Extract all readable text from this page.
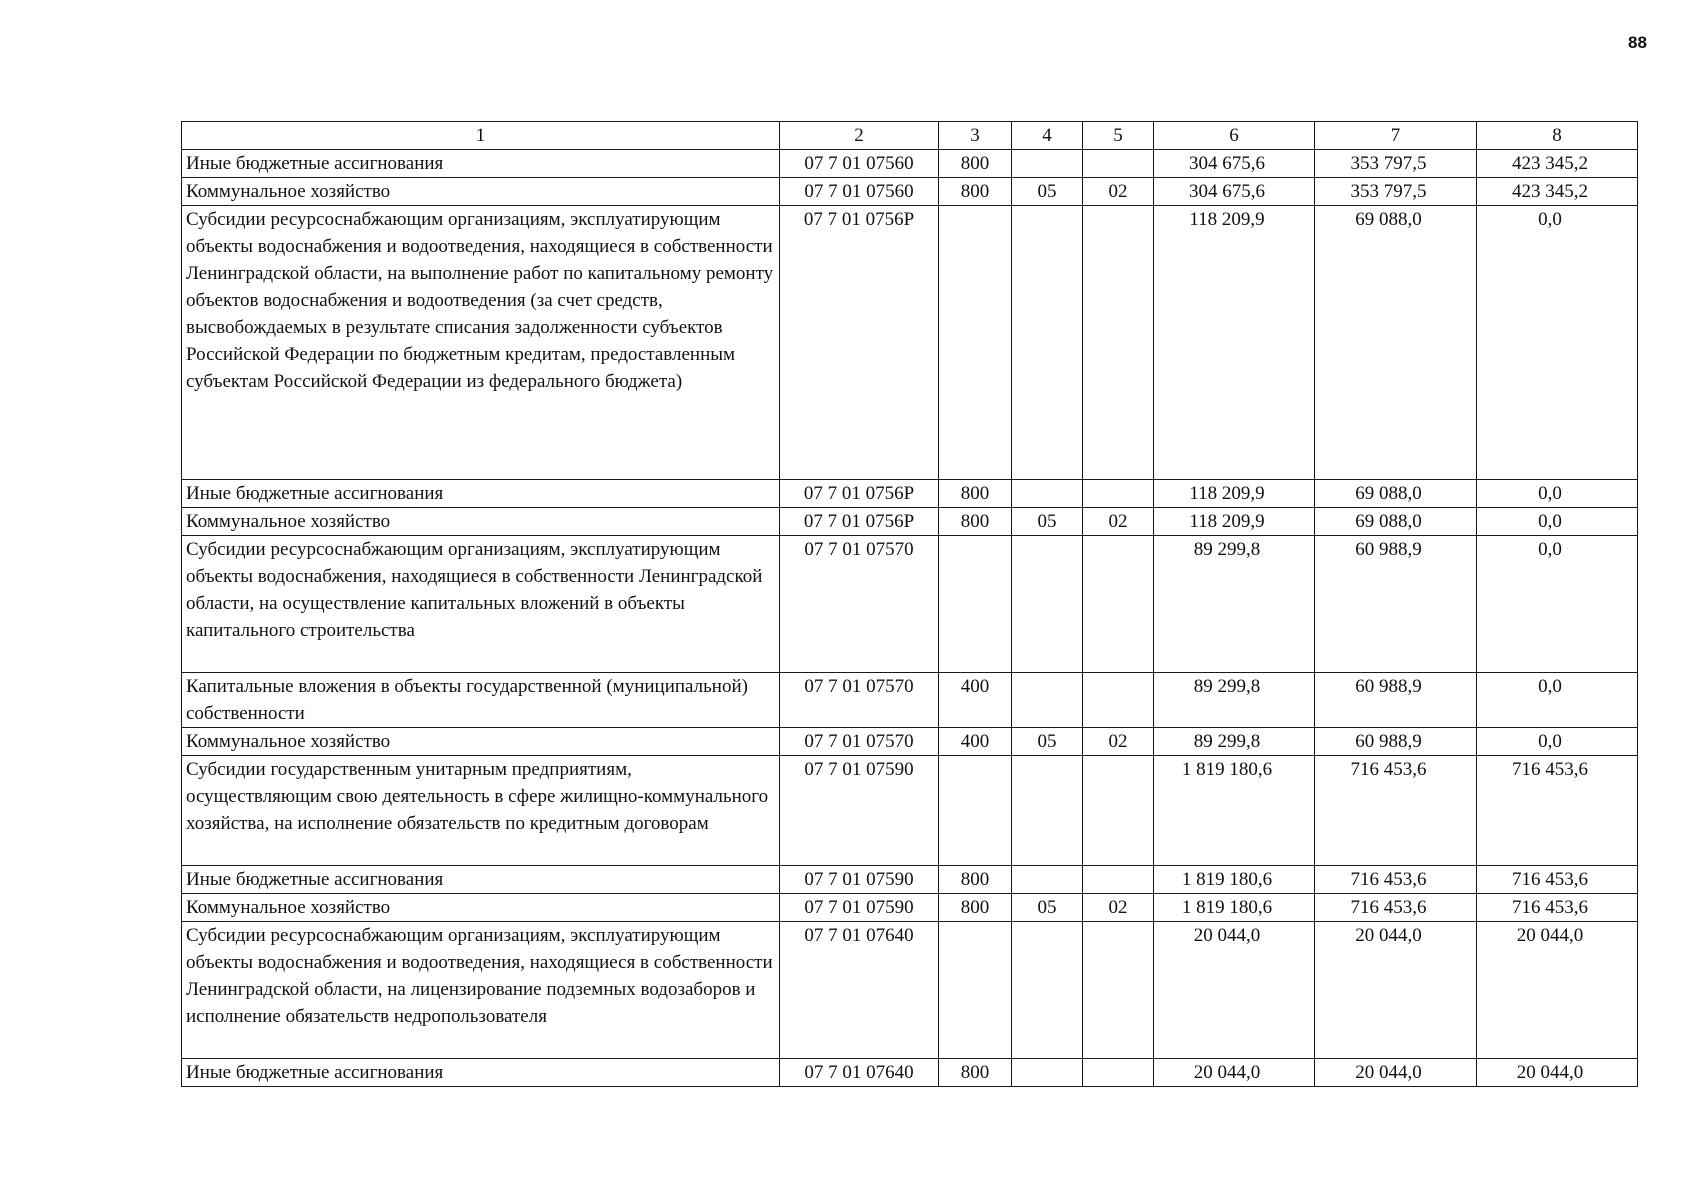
88
1	2	3	4	5	6	7	8
Иные бюджетные ассигнования	07 7 01 07560	800			304 675,6	353 797,5	423 345,2
Коммунальное хозяйство	07 7 01 07560	800	05	02	304 675,6	353 797,5	423 345,2
Субсидии ресурсоснабжающим организациям, эксплуатирующим объекты водоснабжения и водоотведения, находящиеся в собственности Ленинградской области, на выполнение работ по капитальному ремонту объектов водоснабжения и водоотведения (за счет средств, высвобождаемых в результате списания задолженности субъектов Российской Федерации по бюджетным кредитам, предоставленным субъектам Российской Федерации из федерального бюджета)	07 7 01 0756Р				118 209,9	69 088,0	0,0
Иные бюджетные ассигнования	07 7 01 0756Р	800			118 209,9	69 088,0	0,0
Коммунальное хозяйство	07 7 01 0756Р	800	05	02	118 209,9	69 088,0	0,0
Субсидии ресурсоснабжающим организациям, эксплуатирующим объекты водоснабжения, находящиеся в собственности Ленинградской области, на осуществление капитальных вложений в объекты капитального строительства	07 7 01 07570				89 299,8	60 988,9	0,0
Капитальные вложения в объекты государственной (муниципальной) собственности	07 7 01 07570	400			89 299,8	60 988,9	0,0
Коммунальное хозяйство	07 7 01 07570	400	05	02	89 299,8	60 988,9	0,0
Субсидии государственным унитарным предприятиям, осуществляющим свою деятельность в сфере жилищно-коммунального хозяйства, на исполнение обязательств по кредитным договорам	07 7 01 07590				1 819 180,6	716 453,6	716 453,6
Иные бюджетные ассигнования	07 7 01 07590	800			1 819 180,6	716 453,6	716 453,6
Коммунальное хозяйство	07 7 01 07590	800	05	02	1 819 180,6	716 453,6	716 453,6
Субсидии ресурсоснабжающим организациям, эксплуатирующим объекты водоснабжения и водоотведения, находящиеся в собственности Ленинградской области, на лицензирование подземных водозаборов и исполнение обязательств недропользователя	07 7 01 07640				20 044,0	20 044,0	20 044,0
Иные бюджетные ассигнования	07 7 01 07640	800			20 044,0	20 044,0	20 044,0
